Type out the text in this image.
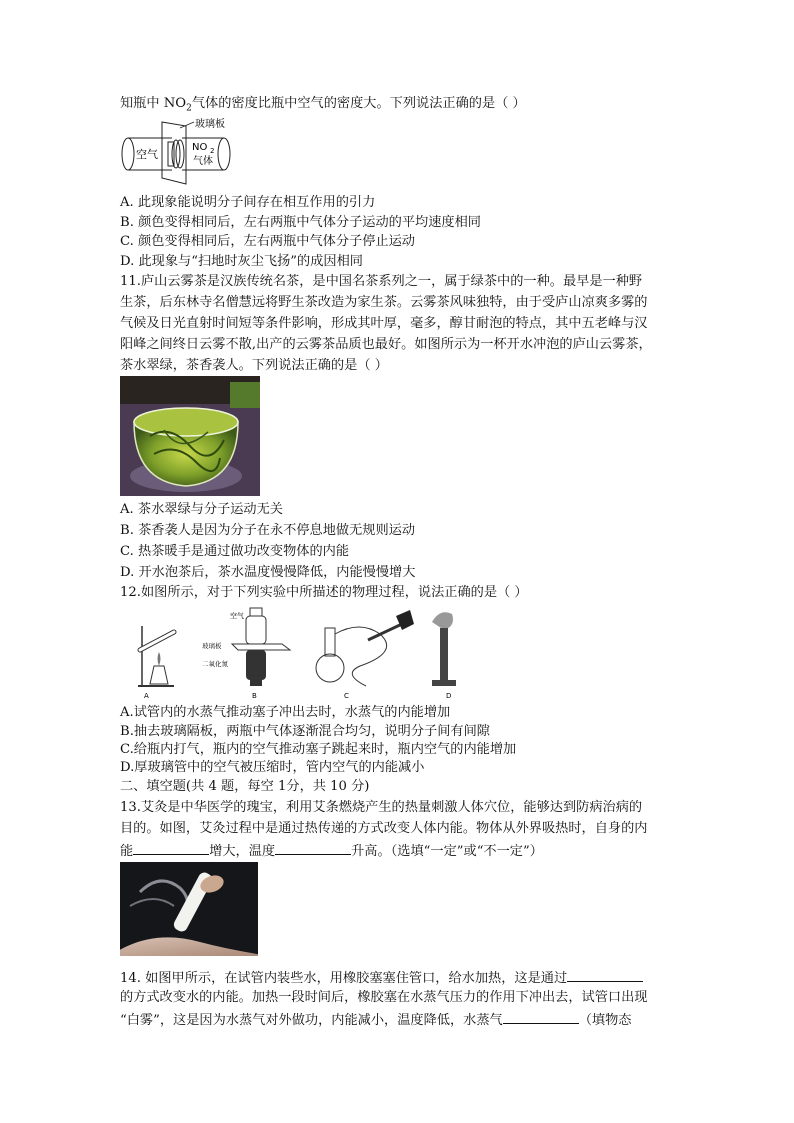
知瓶中 $NO_2$气体的密度比瓶中空气的密度大。下列说法正确的是（ ）
玻璃板
空气
NO 2
气体
A. 此现象能说明分子间存在相互作用的引力
B. 颜色变得相同后，左右两瓶中气体分子运动的平均速度相同
C. 颜色变得相同后，左右两瓶中气体分子停止运动
D. 此现象与“扫地时灰尘飞扬”的成因相同
11.庐山云雾茶是汉族传统名茶，是中国名茶系列之一，属于绿茶中的一种。最早是一种野
生茶，后东林寺名僧慧远将野生茶改造为家生茶。云雾茶风味独特，由于受庐山凉爽多雾的
气候及日光直射时间短等条件影响，形成其叶厚，毫多，醇甘耐泡的特点，其中五老峰与汉
阳峰之间终日云雾不散,出产的云雾茶品质也最好。如图所示为一杯开水冲泡的庐山云雾茶，
茶水翠绿，茶香袭人。下列说法正确的是（ ）
A. 茶水翠绿与分子运动无关
B. 茶香袭人是因为分子在永不停息地做无规则运动
C. 热茶暖手是通过做功改变物体的内能
D. 开水泡茶后，茶水温度慢慢降低，内能慢慢增大
12.如图所示，对于下列实验中所描述的物理过程，说法正确的是（ ）
A
空气
玻璃板
二氧化氮
B	C	D
A.试管内的水蒸气推动塞子冲出去时，水蒸气的内能增加
B.抽去玻璃隔板，两瓶中气体逐渐混合均匀，说明分子间有间隙
C.给瓶内打气，瓶内的空气推动塞子跳起来时，瓶内空气的内能增加
D.厚玻璃管中的空气被压缩时，管内空气的内能减小
二、填空题(共 4 题，每空 1分，共 10 分)
13.艾灸是中华医学的瑰宝，利用艾条燃烧产生的热量刺激人体穴位，能够达到防病治病的
目的。如图，艾灸过程中是通过热传递的方式改变人体内能。物体从外界吸热时，自身的内
能	增大，温度	升高。（选填“一定”或“不一定”）
14. 如图甲所示，在试管内装些水，用橡胶塞塞住管口，给水加热，这是通过
的方式改变水的内能。加热一段时间后，橡胶塞在水蒸气压力的作用下冲出去，试管口出现
“白雾”，这是因为水蒸气对外做功，内能减小，温度降低，水蒸气	（填物态
